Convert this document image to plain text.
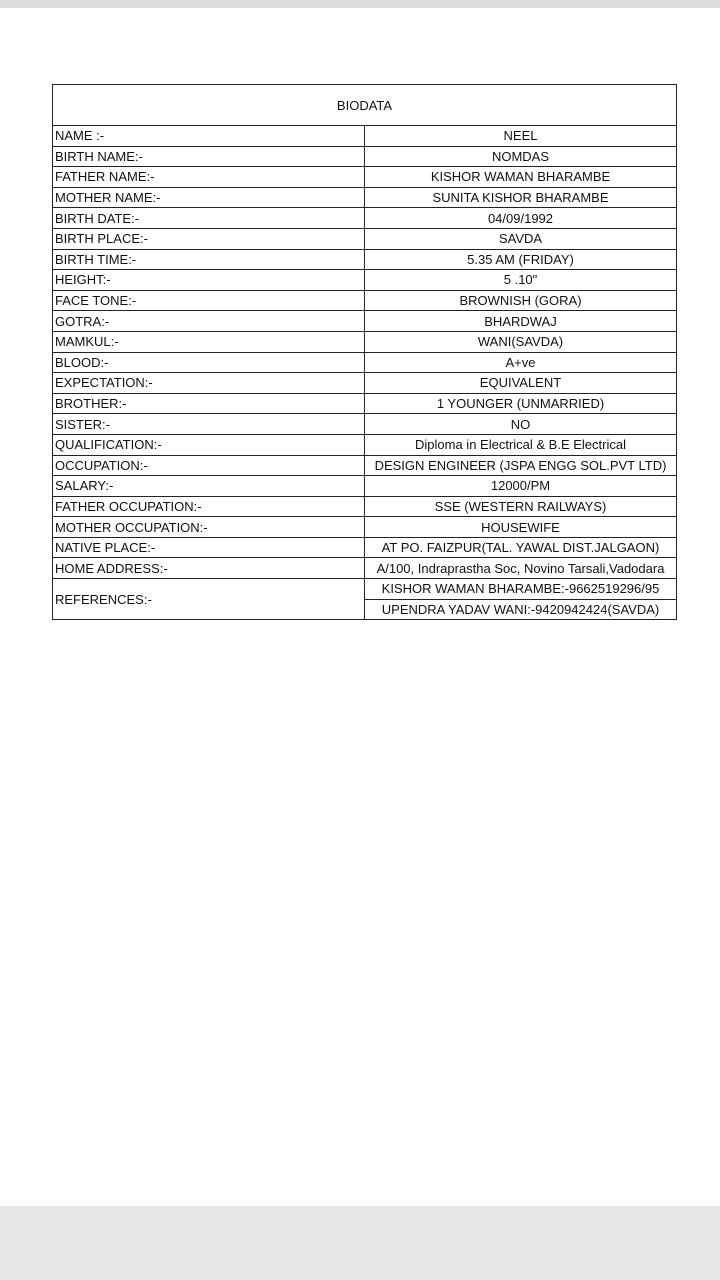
BIODATA	
NAME :-	NEEL
BIRTH NAME:-	NOMDAS
FATHER NAME:-	KISHOR WAMAN BHARAMBE
MOTHER NAME:-	SUNITA KISHOR BHARAMBE
BIRTH DATE:-	04/09/1992
BIRTH PLACE:-	SAVDA
BIRTH TIME:-	5.35 AM (FRIDAY)
HEIGHT:-	5 .10"
FACE TONE:-	BROWNISH (GORA)
GOTRA:-	BHARDWAJ
MAMKUL:-	WANI(SAVDA)
BLOOD:-	A+ve
EXPECTATION:-	EQUIVALENT
BROTHER:-	1 YOUNGER (UNMARRIED)
SISTER:-	NO
QUALIFICATION:-	Diploma in Electrical & B.E Electrical
OCCUPATION:-	DESIGN ENGINEER (JSPA ENGG SOL.PVT LTD)
SALARY:-	12000/PM
FATHER OCCUPATION:-	SSE (WESTERN RAILWAYS)
MOTHER OCCUPATION:-	HOUSEWIFE
NATIVE PLACE:-	AT PO. FAIZPUR(TAL. YAWAL DIST.JALGAON)
HOME ADDRESS:-	A/100, Indraprastha Soc, Novino Tarsali,Vadodara
REFERENCES:-	KISHOR WAMAN BHARAMBE:-9662519296/95
	UPENDRA YADAV WANI:-9420942424(SAVDA)
